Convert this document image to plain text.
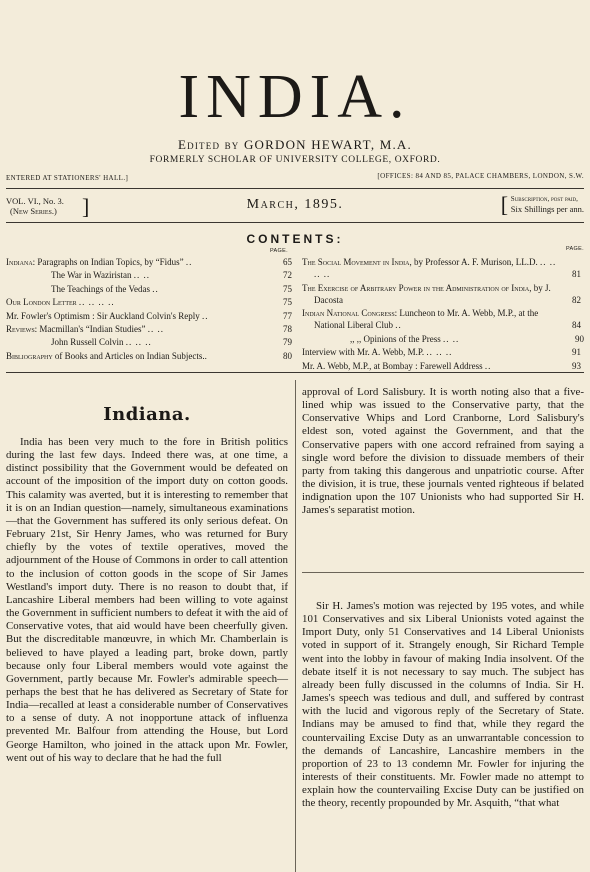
INDIA.
Edited by GORDON HEWART, M.A.
FORMERLY SCHOLAR OF UNIVERSITY COLLEGE, OXFORD.
ENTERED AT STATIONERS' HALL.]	[OFFICES: 84 AND 85, PALACE CHAMBERS, LONDON, S.W.
VOL. VI., No. 3.
(New Series.)	]	March, 1895.	[ Subscription, post paid,
Six Shillings per ann.
CONTENTS:
PAGE.	PAGE.
Indiana: Paragraphs on Indian Topics, by “Fidus” ..	65
The War in Waziristan .. ..	72
The Teachings of the Vedas ..	75
Our London Letter .. .. .. ..	75
Mr. Fowler's Optimism : Sir Auckland Colvin's Reply ..	77
Reviews: Macmillan's “Indian Studies” .. ..	78
John Russell Colvin .. .. ..	79
Bibliography of Books and Articles on Indian Subjects..	80
The Social Movement in India, by Professor A. F. Murison, LL.D. .. .. .. ..	81
The Exercise of Arbitrary Power in the Administration of India, by J. Dacosta	82
Indian National Congress: Luncheon to Mr. A. Webb, M.P., at the National Liberal Club ..	84
,, ,, Opinions of the Press .. ..	90
Interview with Mr. A. Webb, M.P. .. .. ..	91
Mr. A. Webb, M.P., at Bombay : Farewell Address ..	93
Indiana.

India has been very much to the fore in British politics during the last few days. Indeed there was, at one time, a distinct possibility that the Government would be defeated on account of the imposition of the import duty on cotton goods. This calamity was averted, but it is interesting to remember that it is on an Indian question—namely, simultaneous examinations—that the Government has suffered its only serious defeat. On February 21st, Sir Henry James, who was returned for Bury chiefly by the votes of textile operatives, moved the adjournment of the House of Commons in order to call attention to the inclusion of cotton goods in the scope of Sir James Westland's import duty. There is no reason to doubt that, if Lancashire Liberal members had been willing to vote against the Government in sufficient numbers to defeat it with the aid of Conservative votes, that aid would have been cheerfully given. But the discreditable manœuvre, in which Mr. Chamberlain is believed to have played a leading part, broke down, partly because only four Liberal members would vote against the Government, partly because Mr. Fowler's admirable speech—perhaps the best that he has delivered as Secretary of State for India—recalled at least a considerable number of Conservatives to a sense of duty. A not inopportune attack of influenza prevented Mr. Balfour from attending the House, but Lord George Hamilton, who joined in the attack upon Mr. Fowler, went out of his way to declare that he had the full

approval of Lord Salisbury. It is worth noting also that a five-lined whip was issued to the Conservative party, that the Conservative Whips and Lord Cranborne, Lord Salisbury's eldest son, voted against the Government, and that the Conservative papers with one accord refrained from saying a single word before the division to dissuade members of their party from taking this dangerous and unpatriotic course. After the division, it is true, these journals vented righteous if belated indignation upon the 107 Unionists who had supported Sir H. James's separatist motion.

Sir H. James's motion was rejected by 195 votes, and while 101 Conservatives and six Liberal Unionists voted against the Import Duty, only 51 Conservatives and 14 Liberal Unionists voted in support of it. Strangely enough, Sir Richard Temple went into the lobby in favour of making India insolvent. Of the debate itself it is not necessary to say much. The subject has already been fully discussed in the columns of India. Sir H. James's speech was tedious and dull, and suffered by contrast with the lucid and vigorous reply of the Secretary of State. Indians may be amused to find that, while they regard the countervailing Excise Duty as an unwarrantable concession to the demands of Lancashire, Lancashire members in the proportion of 23 to 13 condemn Mr. Fowler for injuring the interests of their constituents. Mr. Fowler made no attempt to explain how the countervailing Excise Duty can be justified on the theory, recently propounded by Mr. Asquith, “that what
